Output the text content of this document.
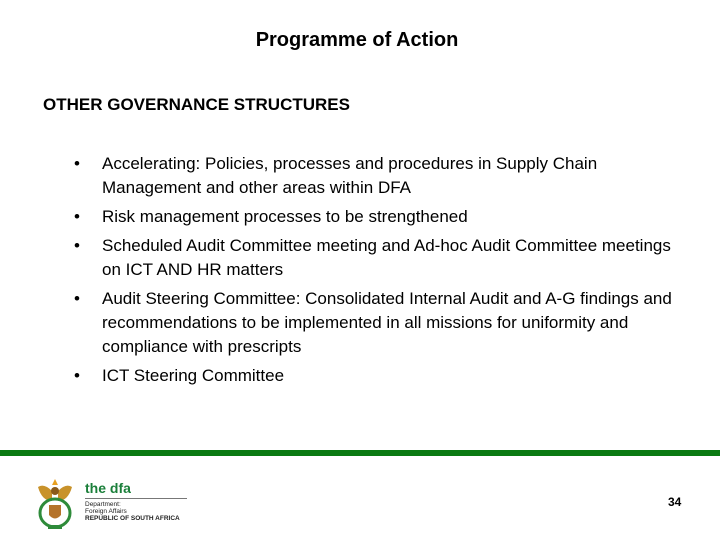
Programme of Action
OTHER GOVERNANCE STRUCTURES
• Accelerating: Policies, processes and procedures in Supply Chain Management and other areas within DFA
• Risk management processes to be strengthened
• Scheduled Audit Committee meeting and Ad-hoc Audit Committee meetings on ICT AND HR matters
• Audit Steering Committee: Consolidated Internal Audit and A-G findings and recommendations to be implemented in all missions for uniformity and compliance with prescripts
• ICT Steering Committee
the dfa
Department:
Foreign Affairs
REPUBLIC OF SOUTH AFRICA
34
